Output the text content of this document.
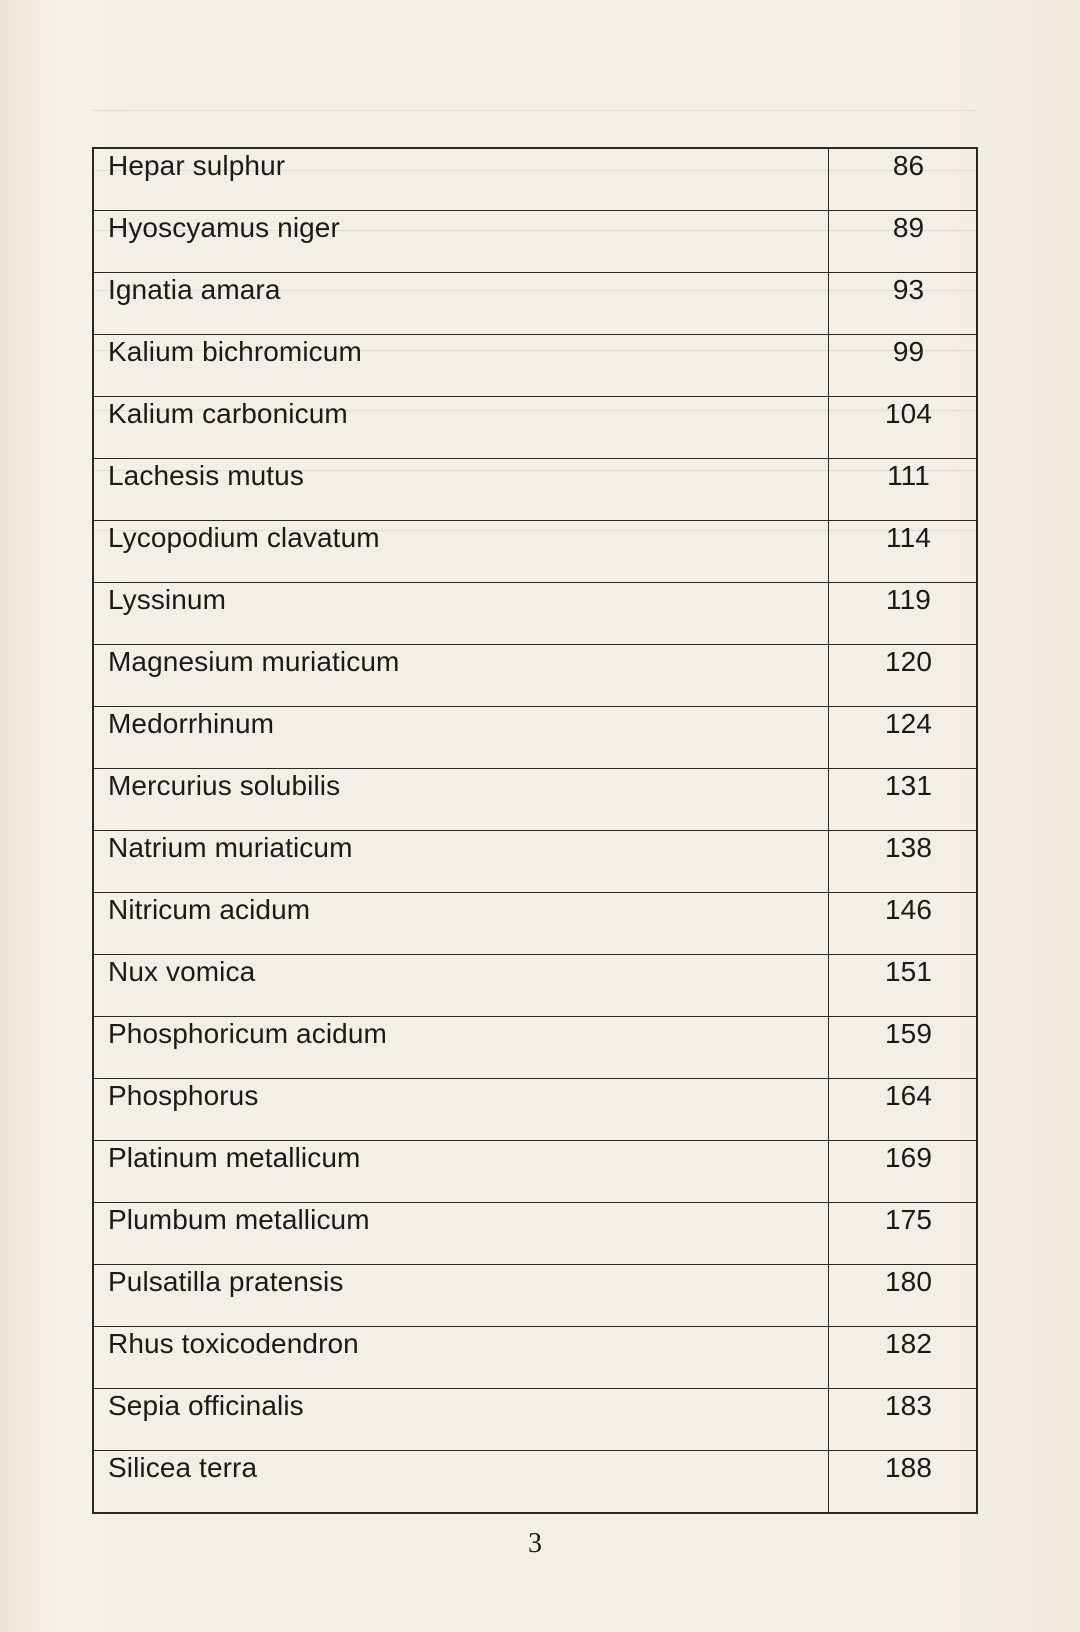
Hepar sulphur	86
Hyoscyamus niger	89
Ignatia amara	93
Kalium bichromicum	99
Kalium carbonicum	104
Lachesis mutus	111
Lycopodium clavatum	114
Lyssinum	119
Magnesium muriaticum	120
Medorrhinum	124
Mercurius solubilis	131
Natrium muriaticum	138
Nitricum acidum	146
Nux vomica	151
Phosphoricum acidum	159
Phosphorus	164
Platinum metallicum	169
Plumbum metallicum	175
Pulsatilla pratensis	180
Rhus toxicodendron	182
Sepia officinalis	183
Silicea terra	188
3
